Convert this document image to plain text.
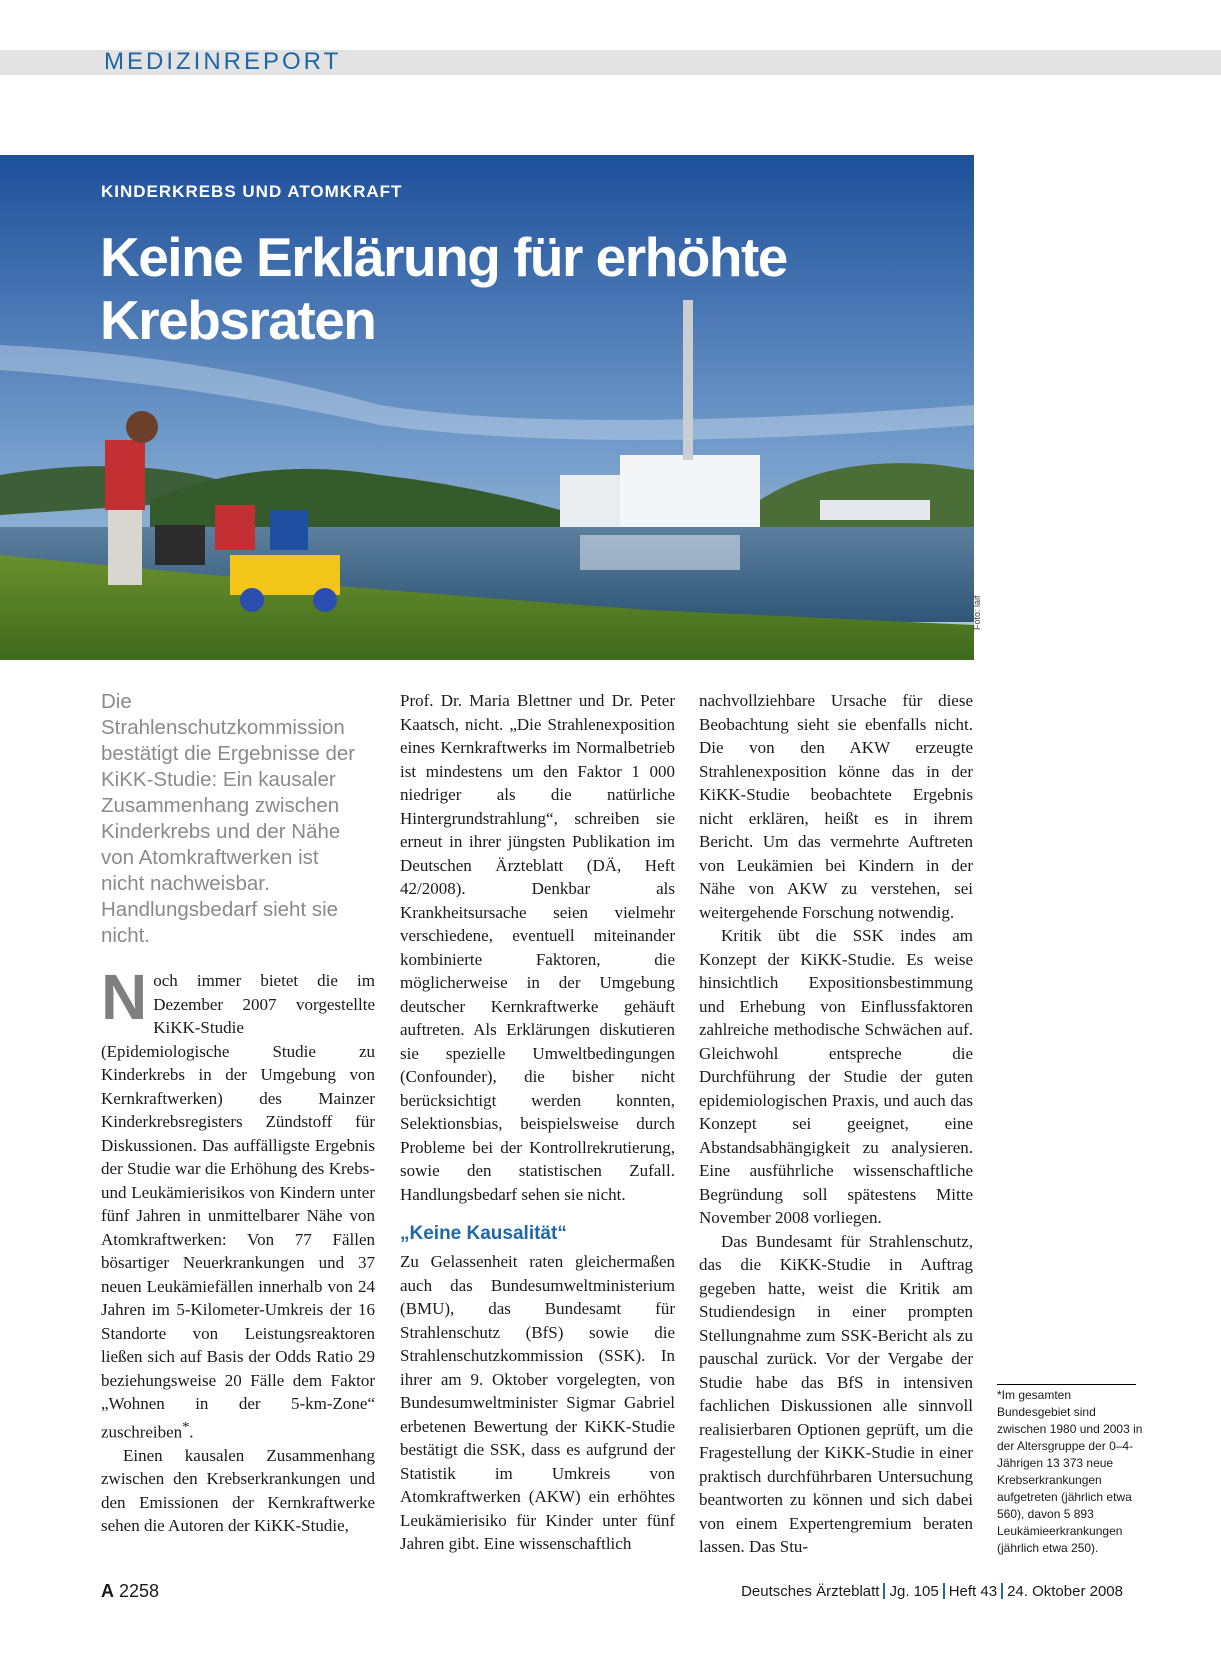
MEDIZINREPORT
KINDERKREBS UND ATOMKRAFT
Keine Erklärung für erhöhte Krebsraten
Foto: laif
Die Strahlenschutzkommission bestätigt die Ergebnisse der KiKK-Studie: Ein kausaler Zusammenhang zwischen Kinderkrebs und der Nähe von Atomkraftwerken ist nicht nachweisbar. Handlungsbedarf sieht sie nicht.

Noch immer bietet die im Dezember 2007 vorgestellte KiKK-Studie (Epidemiologische Studie zu Kinderkrebs in der Umgebung von Kernkraftwerken) des Mainzer Kinderkrebsregisters Zündstoff für Diskussionen. Das auffälligste Ergebnis der Studie war die Erhöhung des Krebs- und Leukämierisikos von Kindern unter fünf Jahren in unmittelbarer Nähe von Atomkraftwerken: Von 77 Fällen bösartiger Neuerkrankungen und 37 neuen Leukämiefällen innerhalb von 24 Jahren im 5-Kilometer-Umkreis der 16 Standorte von Leistungsreaktoren ließen sich auf Basis der Odds Ratio 29 beziehungsweise 20 Fälle dem Faktor „Wohnen in der 5-km-Zone“ zuschreiben*.

Einen kausalen Zusammenhang zwischen den Krebserkrankungen und den Emissionen der Kernkraftwerke sehen die Autoren der KiKK-Studie,

Prof. Dr. Maria Blettner und Dr. Peter Kaatsch, nicht. „Die Strahlenexposition eines Kernkraftwerks im Normalbetrieb ist mindestens um den Faktor 1 000 niedriger als die natürliche Hintergrundstrahlung“, schreiben sie erneut in ihrer jüngsten Publikation im Deutschen Ärzteblatt (DÄ, Heft 42/2008). Denkbar als Krankheitsursache seien vielmehr verschiedene, eventuell miteinander kombinierte Faktoren, die möglicherweise in der Umgebung deutscher Kernkraftwerke gehäuft auftreten. Als Erklärungen diskutieren sie spezielle Umweltbedingungen (Confounder), die bisher nicht berücksichtigt werden konnten, Selektionsbias, beispielsweise durch Probleme bei der Kontrollrekrutierung, sowie den statistischen Zufall. Handlungsbedarf sehen sie nicht.

„Keine Kausalität“

Zu Gelassenheit raten gleichermaßen auch das Bundesumweltministerium (BMU), das Bundesamt für Strahlenschutz (BfS) sowie die Strahlenschutzkommission (SSK). In ihrer am 9. Oktober vorgelegten, von Bundesumweltminister Sigmar Gabriel erbetenen Bewertung der KiKK-Studie bestätigt die SSK, dass es aufgrund der Statistik im Umkreis von Atomkraftwerken (AKW) ein erhöhtes Leukämierisiko für Kinder unter fünf Jahren gibt. Eine wissenschaftlich

nachvollziehbare Ursache für diese Beobachtung sieht sie ebenfalls nicht. Die von den AKW erzeugte Strahlenexposition könne das in der KiKK-Studie beobachtete Ergebnis nicht erklären, heißt es in ihrem Bericht. Um das vermehrte Auftreten von Leukämien bei Kindern in der Nähe von AKW zu verstehen, sei weitergehende Forschung notwendig.

Kritik übt die SSK indes am Konzept der KiKK-Studie. Es weise hinsichtlich Expositionsbestimmung und Erhebung von Einflussfaktoren zahlreiche methodische Schwächen auf. Gleichwohl entspreche die Durchführung der Studie der guten epidemiologischen Praxis, und auch das Konzept sei geeignet, eine Abstandsabhängigkeit zu analysieren. Eine ausführliche wissenschaftliche Begründung soll spätestens Mitte November 2008 vorliegen.

Das Bundesamt für Strahlenschutz, das die KiKK-Studie in Auftrag gegeben hatte, weist die Kritik am Studiendesign in einer prompten Stellungnahme zum SSK-Bericht als zu pauschal zurück. Vor der Vergabe der Studie habe das BfS in intensiven fachlichen Diskussionen alle sinnvoll realisierbaren Optionen geprüft, um die Fragestellung der KiKK-Studie in einer praktisch durchführbaren Untersuchung beantworten zu können und sich dabei von einem Expertengremium beraten lassen. Das Stu-

*Im gesamten Bundesgebiet sind zwischen 1980 und 2003 in der Altersgruppe der 0–4-Jährigen 13 373 neue Krebserkrankungen aufgetreten (jährlich etwa 560), davon 5 893 Leukämieerkrankungen (jährlich etwa 250).
A 2258	Deutsches Ärzteblatt Jg. 105 Heft 43 24. Oktober 2008
